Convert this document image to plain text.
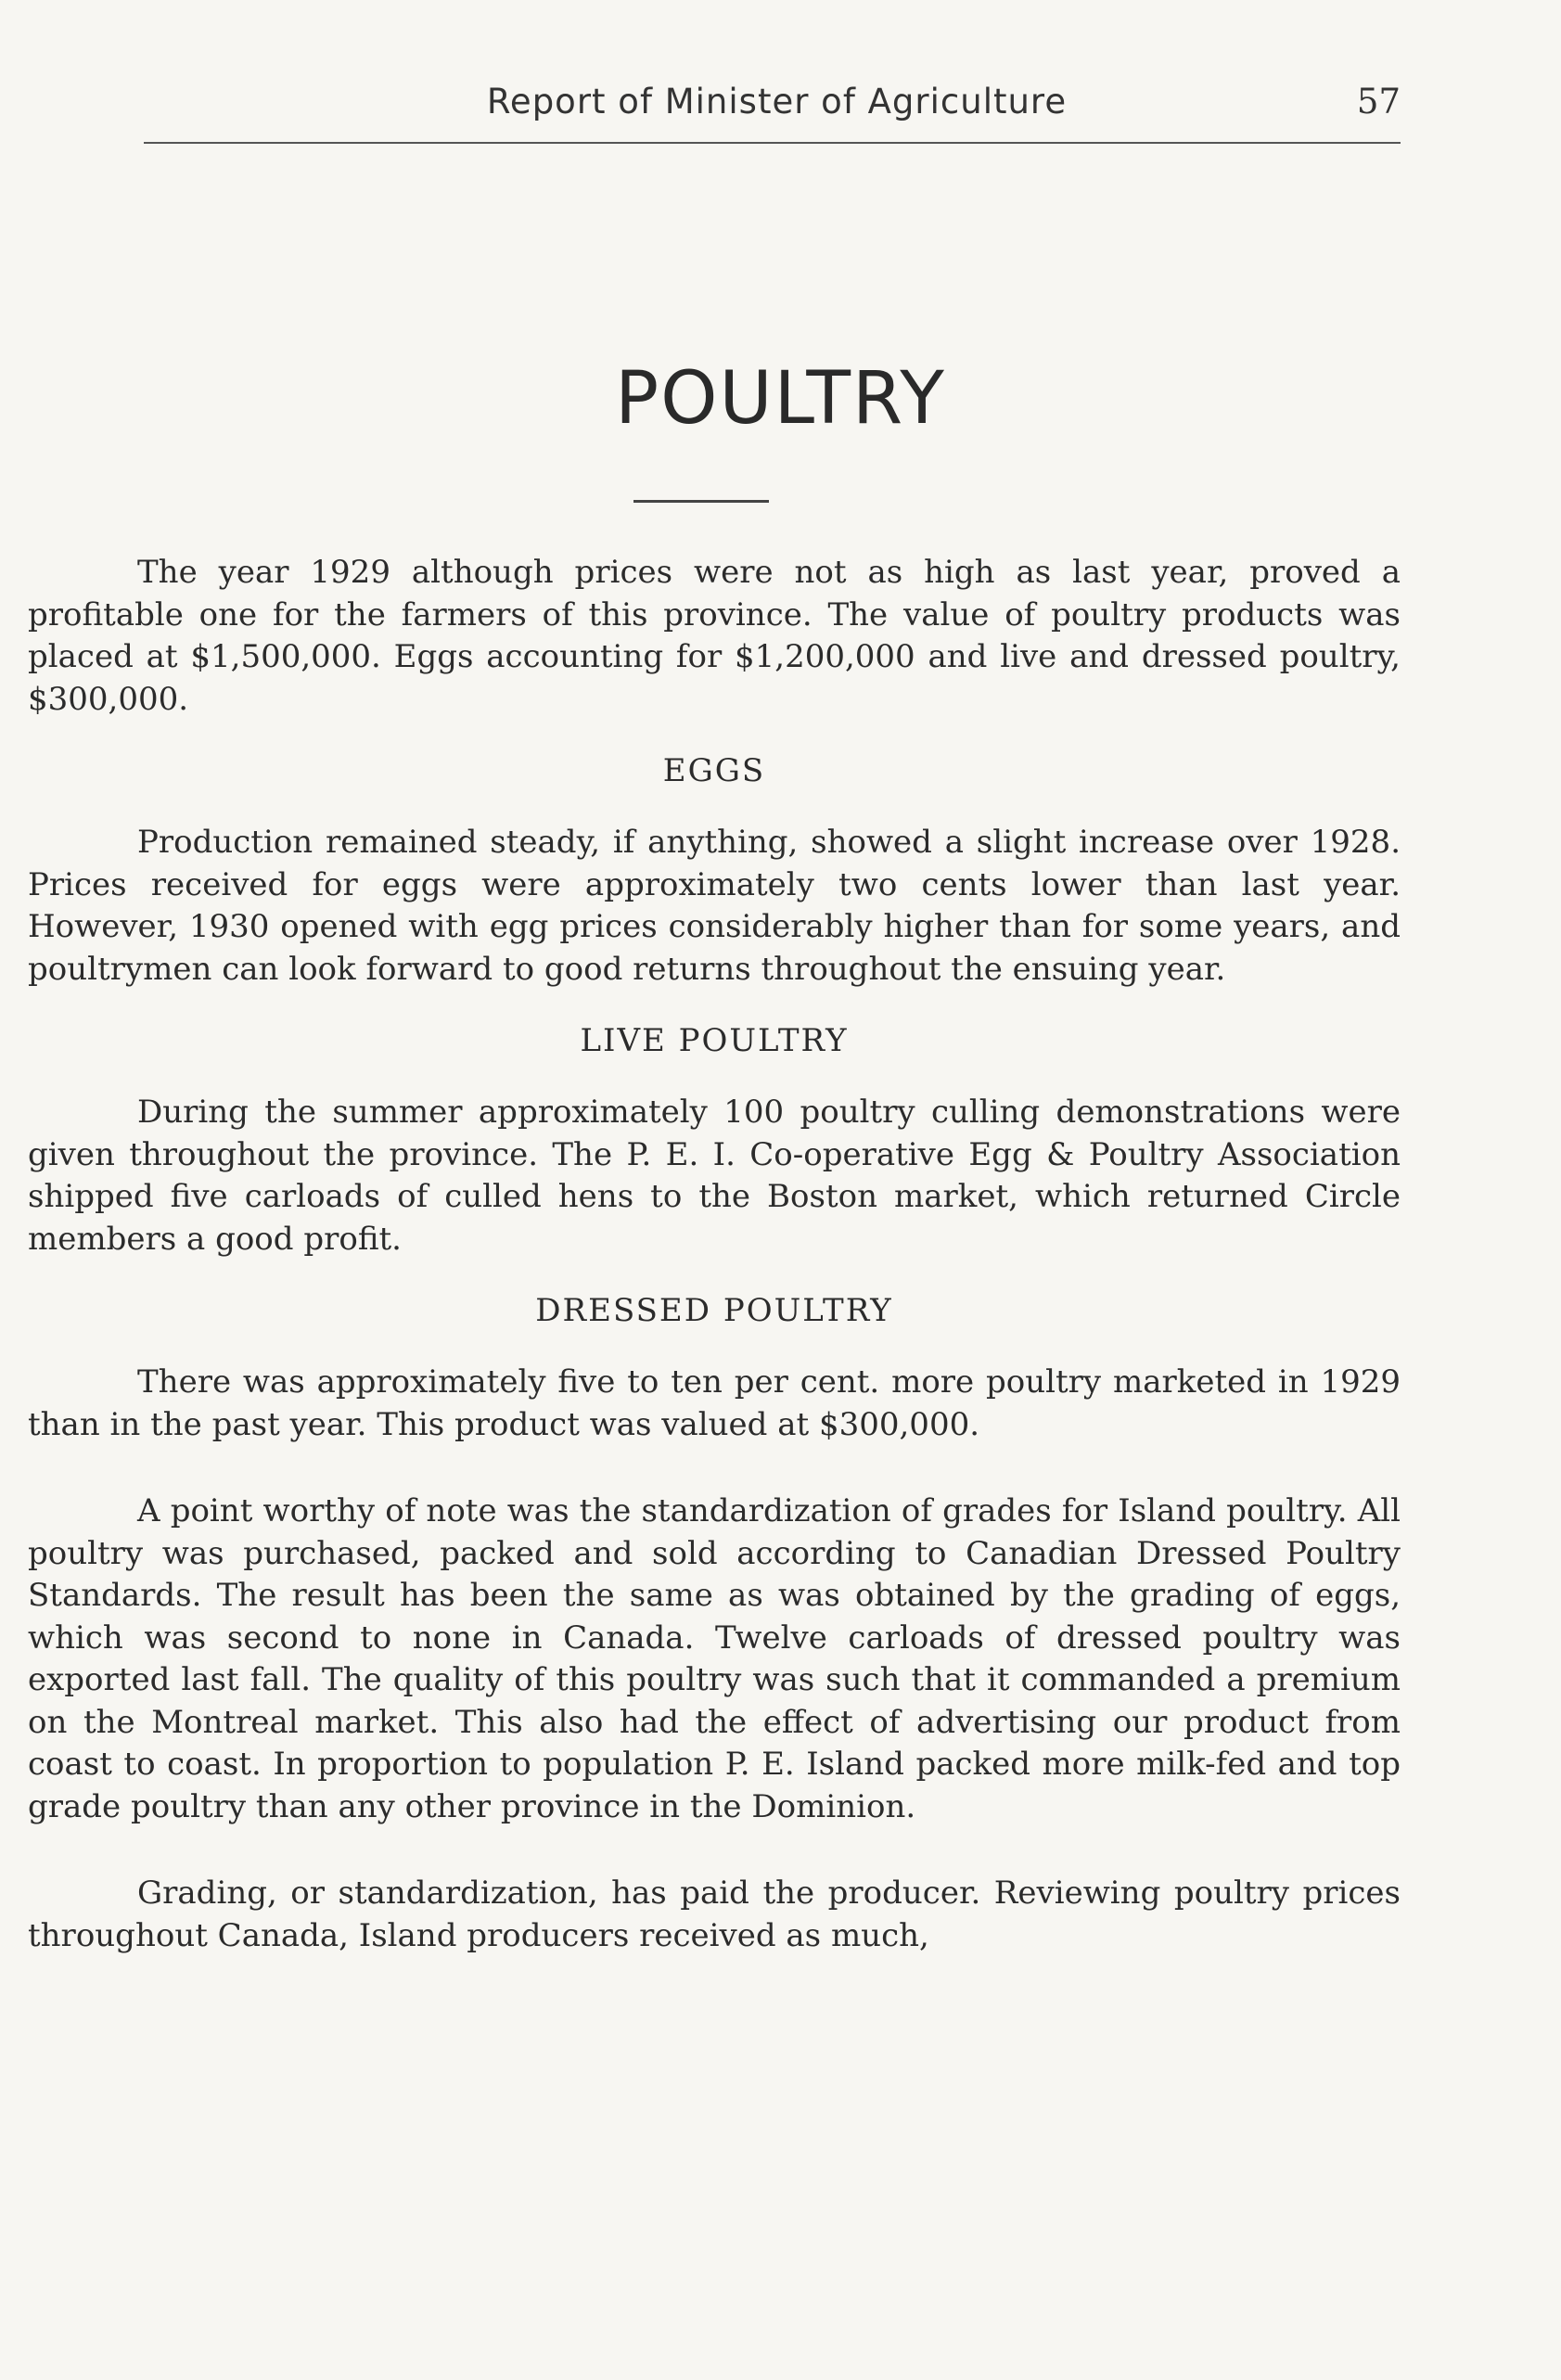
Report of Minister of Agriculture	57
POULTRY

The year 1929 although prices were not as high as last year, proved a profitable one for the farmers of this province. The value of poultry products was placed at $1,500,000. Eggs accounting for $1,200,000 and live and dressed poultry, $300,000.

EGGS

Production remained steady, if anything, showed a slight increase over 1928. Prices received for eggs were approximately two cents lower than last year. However, 1930 opened with egg prices considerably higher than for some years, and poultrymen can look forward to good returns throughout the ensuing year.

LIVE POULTRY

During the summer approximately 100 poultry culling demonstrations were given throughout the province. The P. E. I. Co-operative Egg & Poultry Association shipped five carloads of culled hens to the Boston market, which returned Circle members a good profit.

DRESSED POULTRY

There was approximately five to ten per cent. more poultry marketed in 1929 than in the past year. This product was valued at $300,000.

A point worthy of note was the standardization of grades for Island poultry. All poultry was purchased, packed and sold according to Canadian Dressed Poultry Standards. The result has been the same as was obtained by the grading of eggs, which was second to none in Canada. Twelve carloads of dressed poultry was exported last fall. The quality of this poultry was such that it commanded a premium on the Montreal market. This also had the effect of advertising our product from coast to coast. In proportion to population P. E. Island packed more milk-fed and top grade poultry than any other province in the Dominion.

Grading, or standardization, has paid the producer. Reviewing poultry prices throughout Canada, Island producers received as much,
